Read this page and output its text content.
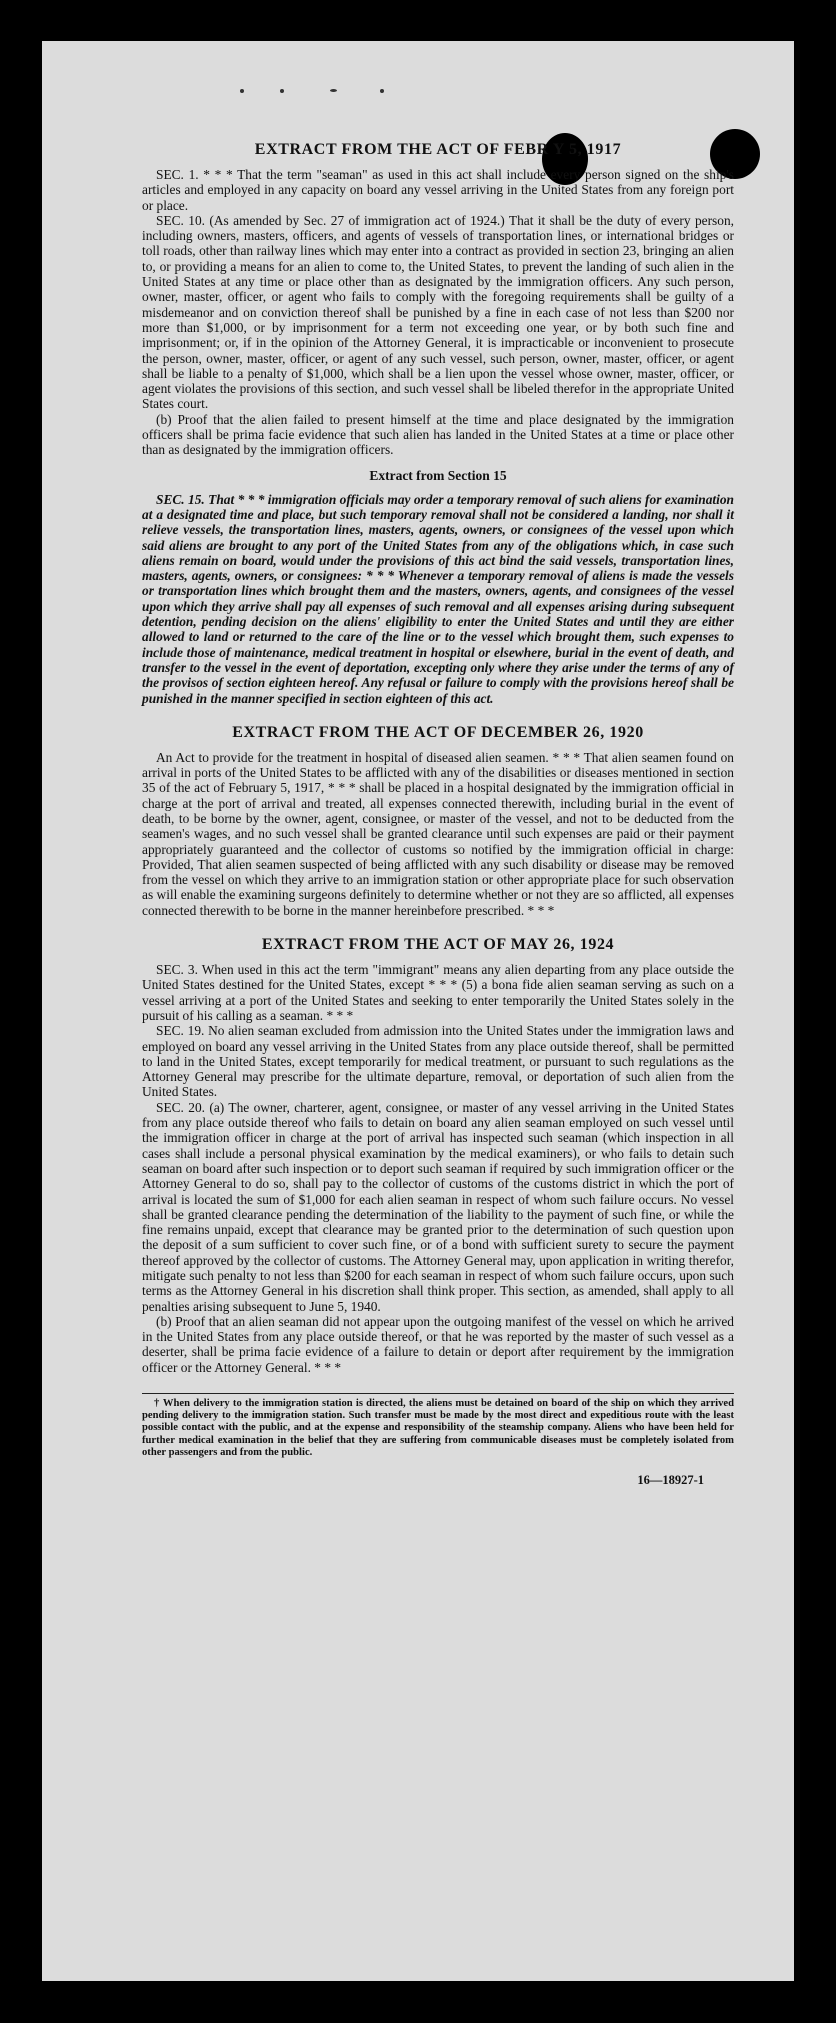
EXTRACT FROM THE ACT OF FEBR Y 5, 1917

SEC. 1. * * * That the term "seaman" as used in this act shall include every person signed on the ship's articles and employed in any capacity on board any vessel arriving in the United States from any foreign port or place.

SEC. 10. (As amended by Sec. 27 of immigration act of 1924.) That it shall be the duty of every person, including owners, masters, officers, and agents of vessels of transportation lines, or international bridges or toll roads, other than railway lines which may enter into a contract as provided in section 23, bringing an alien to, or providing a means for an alien to come to, the United States, to prevent the landing of such alien in the United States at any time or place other than as designated by the immigration officers. Any such person, owner, master, officer, or agent who fails to comply with the foregoing requirements shall be guilty of a misdemeanor and on conviction thereof shall be punished by a fine in each case of not less than $200 nor more than $1,000, or by imprisonment for a term not exceeding one year, or by both such fine and imprisonment; or, if in the opinion of the Attorney General, it is impracticable or inconvenient to prosecute the person, owner, master, officer, or agent of any such vessel, such person, owner, master, officer, or agent shall be liable to a penalty of $1,000, which shall be a lien upon the vessel whose owner, master, officer, or agent violates the provisions of this section, and such vessel shall be libeled therefor in the appropriate United States court.

(b) Proof that the alien failed to present himself at the time and place designated by the immigration officers shall be prima facie evidence that such alien has landed in the United States at a time or place other than as designated by the immigration officers.

Extract from Section 15

SEC. 15. That * * * immigration officials may order a temporary removal of such aliens for examination at a designated time and place, but such temporary removal shall not be considered a landing, nor shall it relieve vessels, the transportation lines, masters, agents, owners, or consignees of the vessel upon which said aliens are brought to any port of the United States from any of the obligations which, in case such aliens remain on board, would under the provisions of this act bind the said vessels, transportation lines, masters, agents, owners, or consignees: * * * Whenever a temporary removal of aliens is made the vessels or transportation lines which brought them and the masters, owners, agents, and consignees of the vessel upon which they arrive shall pay all expenses of such removal and all expenses arising during subsequent detention, pending decision on the aliens' eligibility to enter the United States and until they are either allowed to land or returned to the care of the line or to the vessel which brought them, such expenses to include those of maintenance, medical treatment in hospital or elsewhere, burial in the event of death, and transfer to the vessel in the event of deportation, excepting only where they arise under the terms of any of the provisos of section eighteen hereof. Any refusal or failure to comply with the provisions hereof shall be punished in the manner specified in section eighteen of this act.

EXTRACT FROM THE ACT OF DECEMBER 26, 1920

An Act to provide for the treatment in hospital of diseased alien seamen. * * * That alien seamen found on arrival in ports of the United States to be afflicted with any of the disabilities or diseases mentioned in section 35 of the act of February 5, 1917, * * * shall be placed in a hospital designated by the immigration official in charge at the port of arrival and treated, all expenses connected therewith, including burial in the event of death, to be borne by the owner, agent, consignee, or master of the vessel, and not to be deducted from the seamen's wages, and no such vessel shall be granted clearance until such expenses are paid or their payment appropriately guaranteed and the collector of customs so notified by the immigration official in charge: Provided, That alien seamen suspected of being afflicted with any such disability or disease may be removed from the vessel on which they arrive to an immigration station or other appropriate place for such observation as will enable the examining surgeons definitely to determine whether or not they are so afflicted, all expenses connected therewith to be borne in the manner hereinbefore prescribed. * * *

EXTRACT FROM THE ACT OF MAY 26, 1924

SEC. 3. When used in this act the term "immigrant" means any alien departing from any place outside the United States destined for the United States, except * * * (5) a bona fide alien seaman serving as such on a vessel arriving at a port of the United States and seeking to enter temporarily the United States solely in the pursuit of his calling as a seaman. * * *

SEC. 19. No alien seaman excluded from admission into the United States under the immigration laws and employed on board any vessel arriving in the United States from any place outside thereof, shall be permitted to land in the United States, except temporarily for medical treatment, or pursuant to such regulations as the Attorney General may prescribe for the ultimate departure, removal, or deportation of such alien from the United States.

SEC. 20. (a) The owner, charterer, agent, consignee, or master of any vessel arriving in the United States from any place outside thereof who fails to detain on board any alien seaman employed on such vessel until the immigration officer in charge at the port of arrival has inspected such seaman (which inspection in all cases shall include a personal physical examination by the medical examiners), or who fails to detain such seaman on board after such inspection or to deport such seaman if required by such immigration officer or the Attorney General to do so, shall pay to the collector of customs of the customs district in which the port of arrival is located the sum of $1,000 for each alien seaman in respect of whom such failure occurs. No vessel shall be granted clearance pending the determination of the liability to the payment of such fine, or while the fine remains unpaid, except that clearance may be granted prior to the determination of such question upon the deposit of a sum sufficient to cover such fine, or of a bond with sufficient surety to secure the payment thereof approved by the collector of customs. The Attorney General may, upon application in writing therefor, mitigate such penalty to not less than $200 for each seaman in respect of whom such failure occurs, upon such terms as the Attorney General in his discretion shall think proper. This section, as amended, shall apply to all penalties arising subsequent to June 5, 1940.

(b) Proof that an alien seaman did not appear upon the outgoing manifest of the vessel on which he arrived in the United States from any place outside thereof, or that he was reported by the master of such vessel as a deserter, shall be prima facie evidence of a failure to detain or deport after requirement by the immigration officer or the Attorney General. * * *

† When delivery to the immigration station is directed, the aliens must be detained on board of the ship on which they arrived pending delivery to the immigration station. Such transfer must be made by the most direct and expeditious route with the least possible contact with the public, and at the expense and responsibility of the steamship company. Aliens who have been held for further medical examination in the belief that they are suffering from communicable diseases must be completely isolated from other passengers and from the public.

16—18927-1
